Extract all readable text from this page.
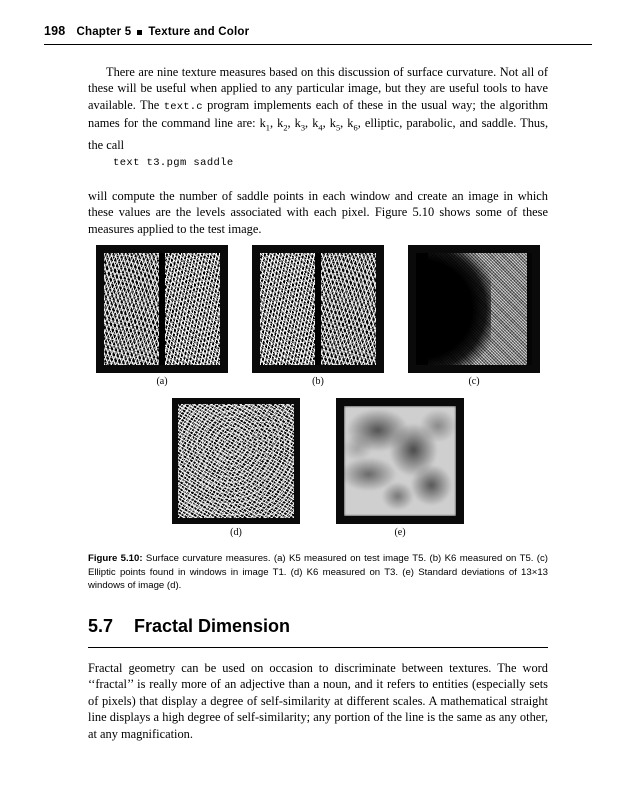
198 Chapter 5 Texture and Color
There are nine texture measures based on this discussion of surface curvature. Not all of these will be useful when applied to any particular image, but they are useful tools to have available. The text.c program implements each of these in the usual way; the algorithm names for the command line are: $k_1$, $k_2$, $k_3$, $k_4$, $k_5$, $k_6$, elliptic, parabolic, and saddle. Thus, the call
text t3.pgm saddle
will compute the number of saddle points in each window and create an image in which these values are the levels associated with each pixel. Figure 5.10 shows some of these measures applied to the test image.
(a)	(b)	(c)
(d)	(e)
Figure 5.10: Surface curvature measures. (a) K5 measured on test image T5. (b) K6 measured on T5. (c) Elliptic points found in windows in image T1. (d) K6 measured on T3. (e) Standard deviations of 13×13 windows of image (d).
5.7	Fractal Dimension
Fractal geometry can be used on occasion to discriminate between textures. The word ‘‘fractal’’ is really more of an adjective than a noun, and it refers to entities (especially sets of pixels) that display a degree of self-similarity at different scales. A mathematical straight line displays a high degree of self-similarity; any portion of the line is the same as any other, at any magnification.
